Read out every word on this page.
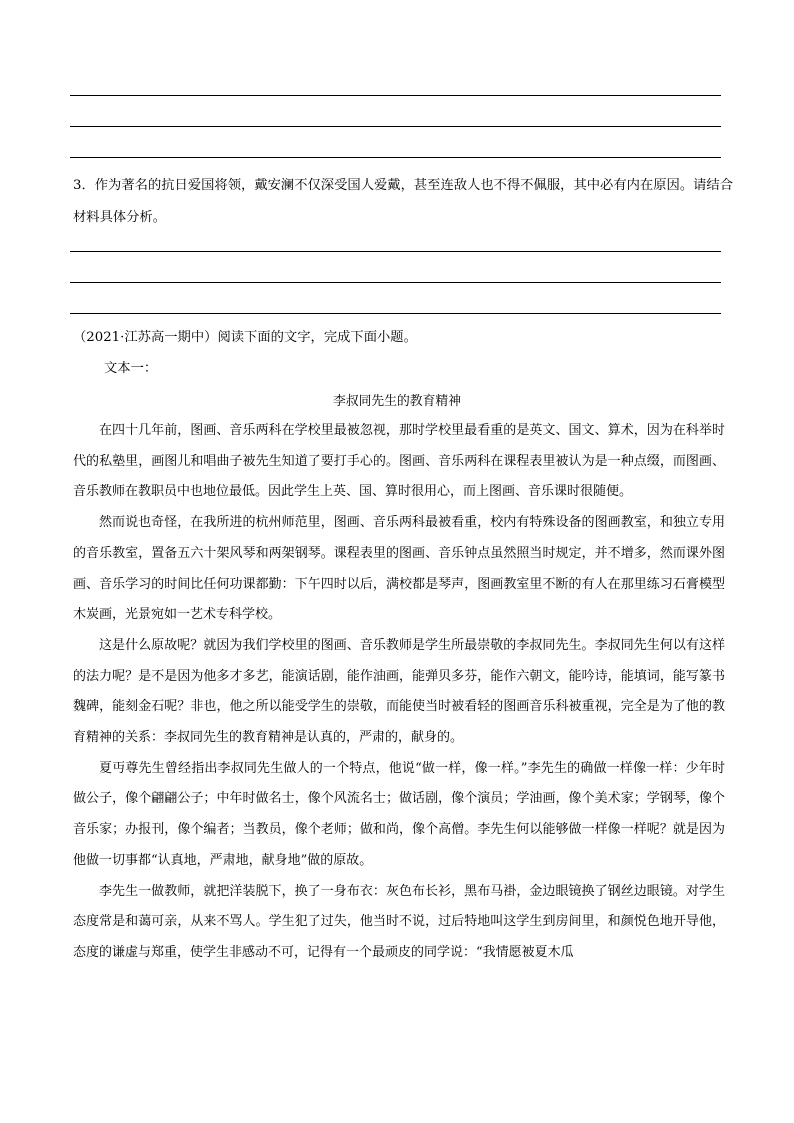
3．作为著名的抗日爱国将领，戴安澜不仅深受国人爱戴，甚至连敌人也不得不佩服，其中必有内在原因。请结合材料具体分析。
（2021·江苏高一期中）阅读下面的文字，完成下面小题。
文本一：
李叔同先生的教育精神

在四十几年前，图画、音乐两科在学校里最被忽视，那时学校里最看重的是英文、国文、算术，因为在科举时代的私塾里，画图儿和唱曲子被先生知道了要打手心的。图画、音乐两科在课程表里被认为是一种点缀，而图画、音乐教师在教职员中也地位最低。因此学生上英、国、算时很用心，而上图画、音乐课时很随便。

然而说也奇怪，在我所进的杭州师范里，图画、音乐两科最被看重，校内有特殊设备的图画教室，和独立专用的音乐教室，置备五六十架风琴和两架钢琴。课程表里的图画、音乐钟点虽然照当时规定，并不增多，然而课外图画、音乐学习的时间比任何功课都勤：下午四时以后，满校都是琴声，图画教室里不断的有人在那里练习石膏模型木炭画，光景宛如一艺术专科学校。

这是什么原故呢？就因为我们学校里的图画、音乐教师是学生所最崇敬的李叔同先生。李叔同先生何以有这样的法力呢？是不是因为他多才多艺，能演话剧，能作油画，能弹贝多芬，能作六朝文，能吟诗，能填词，能写篆书魏碑，能刻金石呢？非也，他之所以能受学生的崇敬，而能使当时被看轻的图画音乐科被重视，完全是为了他的教育精神的关系：李叔同先生的教育精神是认真的，严肃的，献身的。

夏丏尊先生曾经指出李叔同先生做人的一个特点，他说“做一样，像一样。”李先生的确做一样像一样：少年时做公子，像个翩翩公子；中年时做名士，像个风流名士；做话剧，像个演员；学油画，像个美术家；学钢琴，像个音乐家；办报刊，像个编者；当教员，像个老师；做和尚，像个高僧。李先生何以能够做一样像一样呢？就是因为他做一切事都“认真地，严肃地，献身地”做的原故。

李先生一做教师，就把洋装脱下，换了一身布衣：灰色布长衫，黑布马褂，金边眼镜换了钢丝边眼镜。对学生态度常是和蔼可亲，从来不骂人。学生犯了过失，他当时不说，过后特地叫这学生到房间里，和颜悦色地开导他，态度的谦虚与郑重，使学生非感动不可，记得有一个最顽皮的同学说：“我情愿被夏木瓜
